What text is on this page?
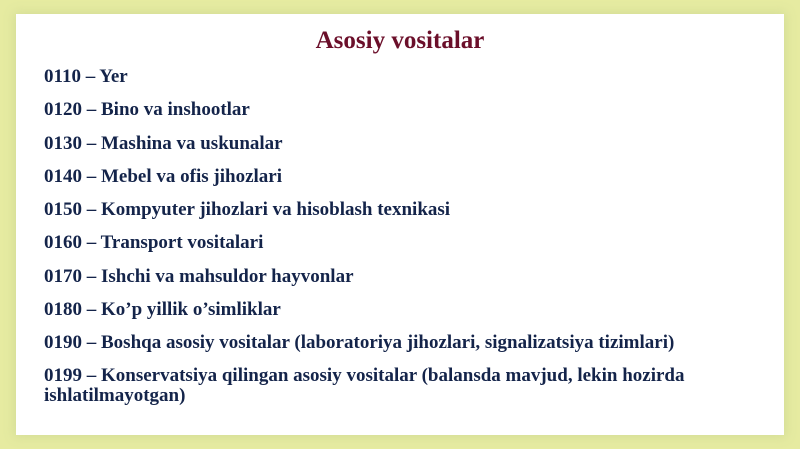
Asosiy vositalar
0110 – Yer
0120 – Bino va inshootlar
0130 – Mashina va uskunalar
0140 – Mebel va ofis jihozlari
0150 – Kompyuter jihozlari va hisoblash texnikasi
0160 – Transport vositalari
0170 – Ishchi va mahsuldor hayvonlar
0180 – Ko’p yillik o’simliklar
0190 – Boshqa asosiy vositalar (laboratoriya jihozlari, signalizatsiya tizimlari)
0199 – Konservatsiya qilingan asosiy vositalar (balansda mavjud, lekin hozirda ishlatilmayotgan)
